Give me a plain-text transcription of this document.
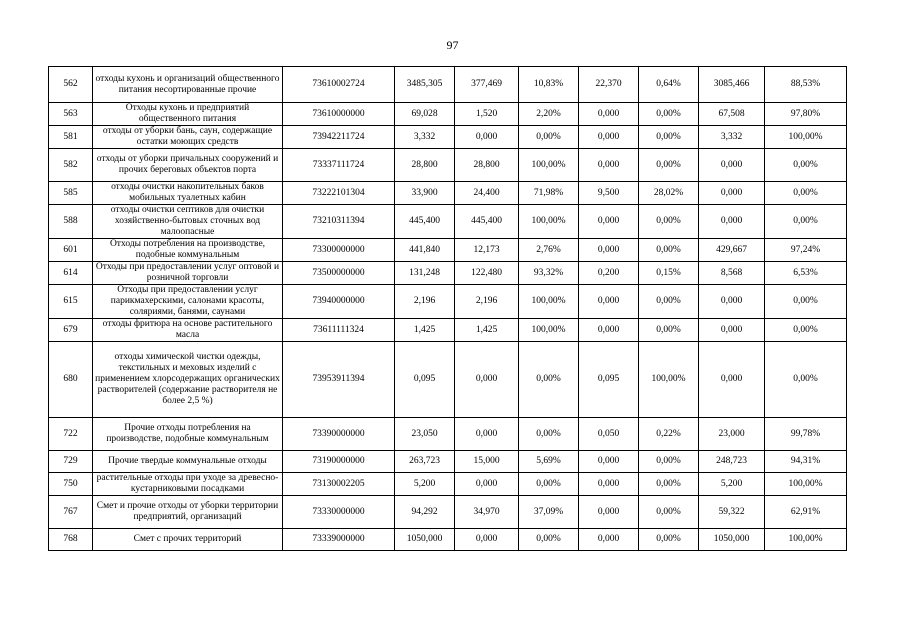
97
562	отходы кухонь и организаций общественного питания несортированные прочие	73610002724	3485,305	377,469	10,83%	22,370	0,64%	3085,466	88,53%
563	Отходы кухонь и предприятий общественного питания	73610000000	69,028	1,520	2,20%	0,000	0,00%	67,508	97,80%
581	отходы от уборки бань, саун, содержащие остатки моющих средств	73942211724	3,332	0,000	0,00%	0,000	0,00%	3,332	100,00%
582	отходы от уборки причальных сооружений и прочих береговых объектов порта	73337111724	28,800	28,800	100,00%	0,000	0,00%	0,000	0,00%
585	отходы очистки накопительных баков мобильных туалетных кабин	73222101304	33,900	24,400	71,98%	9,500	28,02%	0,000	0,00%
588	отходы очистки септиков для очистки хозяйственно-бытовых сточных вод малоопасные	73210311394	445,400	445,400	100,00%	0,000	0,00%	0,000	0,00%
601	Отходы потребления на производстве, подобные коммунальным	73300000000	441,840	12,173	2,76%	0,000	0,00%	429,667	97,24%
614	Отходы при предоставлении услуг оптовой и розничной торговли	73500000000	131,248	122,480	93,32%	0,200	0,15%	8,568	6,53%
615	Отходы при предоставлении услуг парикмахерскими, салонами красоты, соляриями, банями, саунами	73940000000	2,196	2,196	100,00%	0,000	0,00%	0,000	0,00%
679	отходы фритюра на основе растительного масла	73611111324	1,425	1,425	100,00%	0,000	0,00%	0,000	0,00%
680	отходы химической чистки одежды, текстильных и меховых изделий с применением хлорсодержащих органических растворителей (содержание растворителя не более 2,5 %)	73953911394	0,095	0,000	0,00%	0,095	100,00%	0,000	0,00%
722	Прочие отходы потребления на производстве, подобные коммунальным	73390000000	23,050	0,000	0,00%	0,050	0,22%	23,000	99,78%
729	Прочие твердые коммунальные отходы	73190000000	263,723	15,000	5,69%	0,000	0,00%	248,723	94,31%
750	растительные отходы при уходе за древесно-кустарниковыми посадками	73130002205	5,200	0,000	0,00%	0,000	0,00%	5,200	100,00%
767	Смет и прочие отходы от уборки территории предприятий, организаций	73330000000	94,292	34,970	37,09%	0,000	0,00%	59,322	62,91%
768	Смет с прочих территорий	73339000000	1050,000	0,000	0,00%	0,000	0,00%	1050,000	100,00%
